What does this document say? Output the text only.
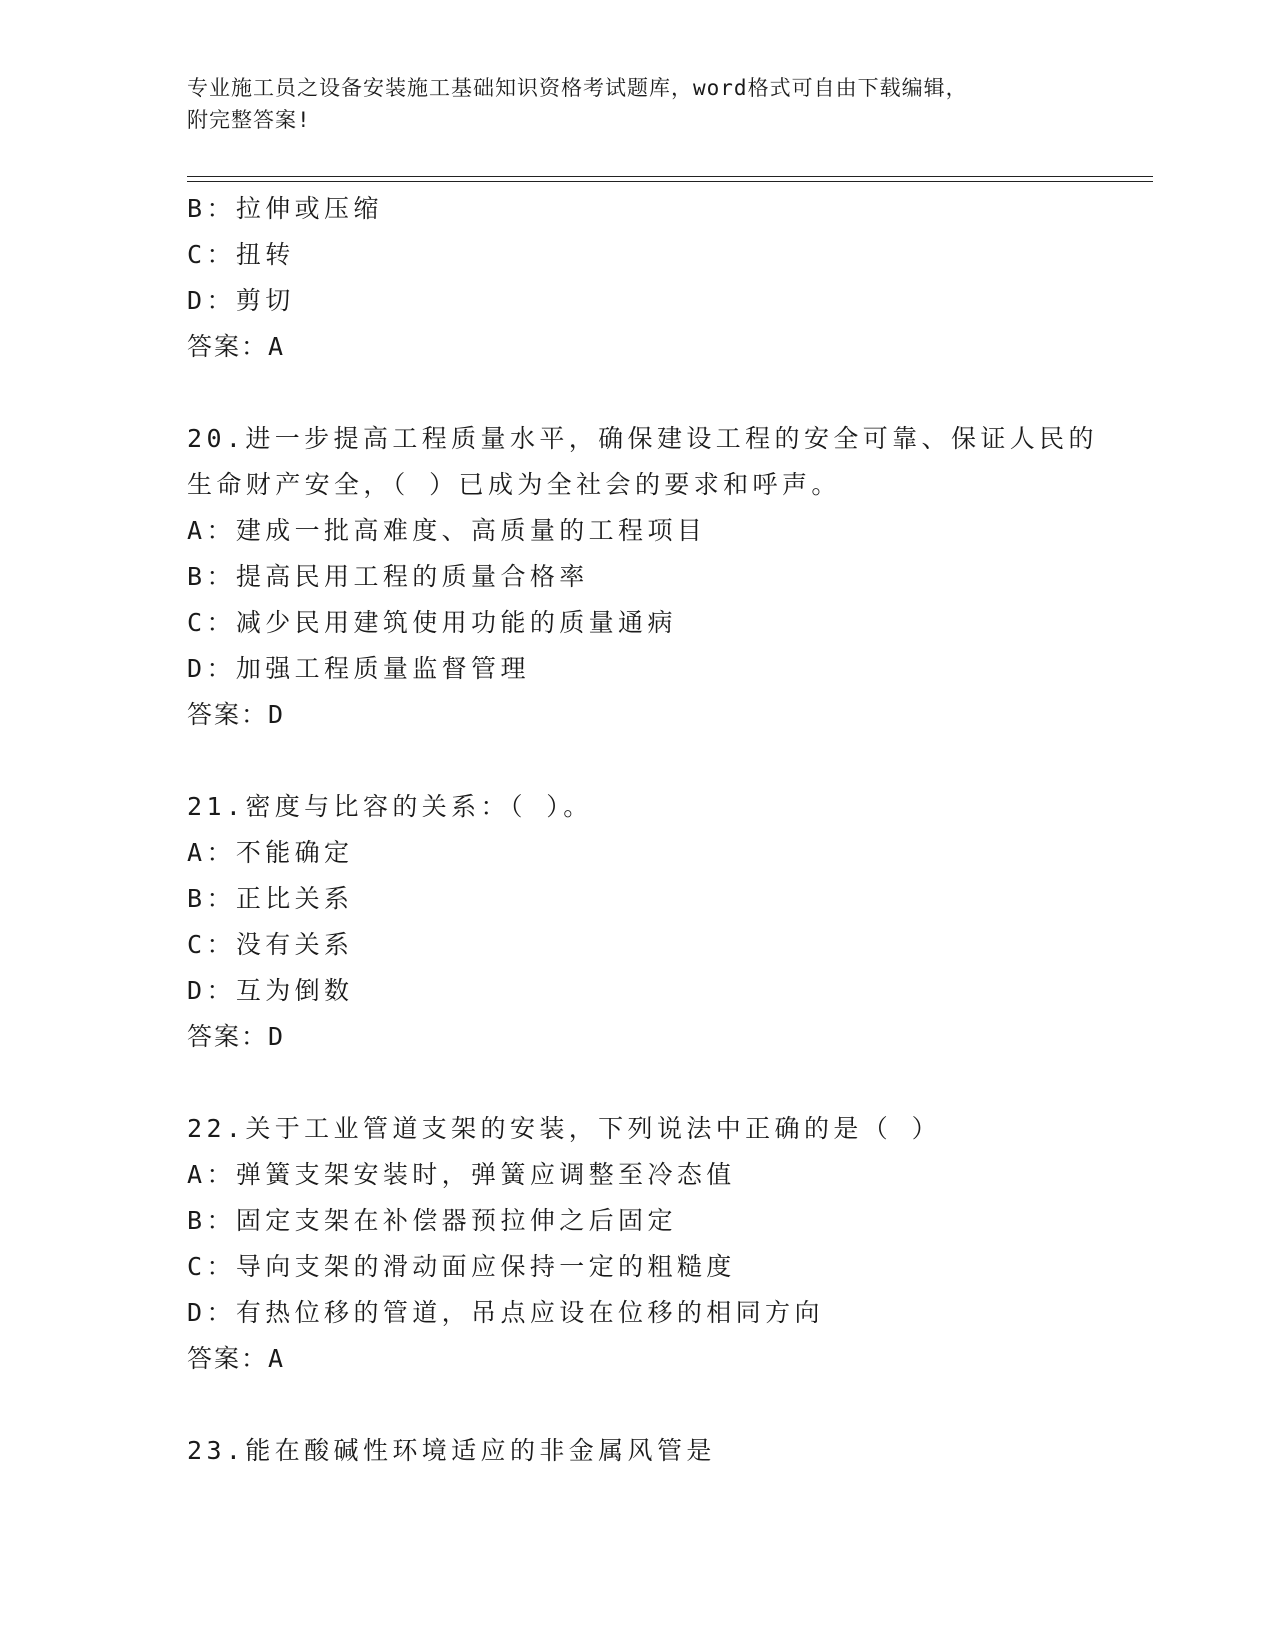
专业施工员之设备安装施工基础知识资格考试题库，word格式可自由下载编辑，
附完整答案!
B：拉伸或压缩
C：扭转
D：剪切
答案：A
20.进一步提高工程质量水平，确保建设工程的安全可靠、保证人民的
生命财产安全，（ ）已成为全社会的要求和呼声。
A：建成一批高难度、高质量的工程项目
B：提高民用工程的质量合格率
C：减少民用建筑使用功能的质量通病
D：加强工程质量监督管理
答案：D
21.密度与比容的关系：（ ）。
A：不能确定
B：正比关系
C：没有关系
D：互为倒数
答案：D
22.关于工业管道支架的安装，下列说法中正确的是（ ）
A：弹簧支架安装时，弹簧应调整至冷态值
B：固定支架在补偿器预拉伸之后固定
C：导向支架的滑动面应保持一定的粗糙度
D：有热位移的管道，吊点应设在位移的相同方向
答案：A
23.能在酸碱性环境适应的非金属风管是
